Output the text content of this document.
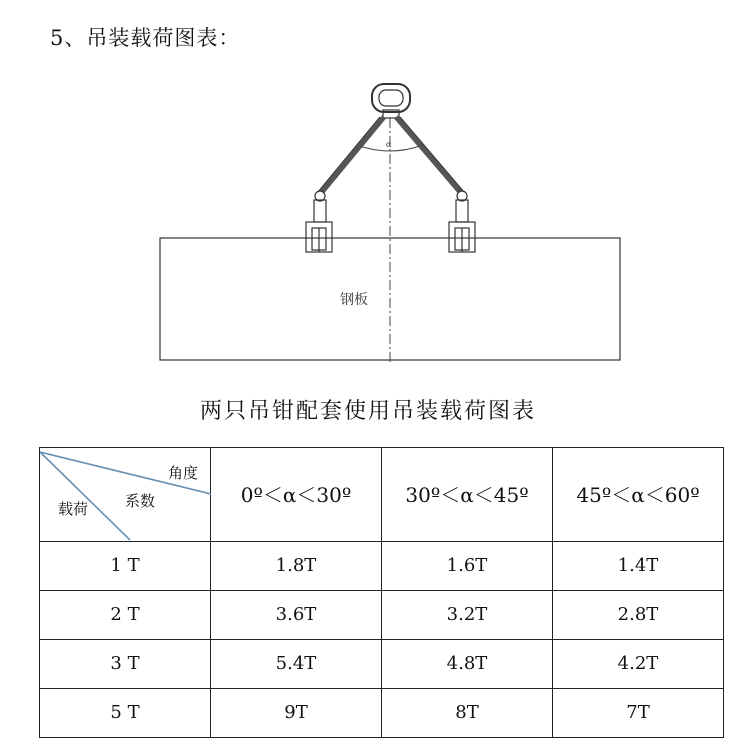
5、吊装载荷图表：
α
钢板
两只吊钳配套使用吊装载荷图表
角度
系数
载荷	0º＜α＜30º	30º＜α＜45º	45º＜α＜60º
1 T	1.8T	1.6T	1.4T
2 T	3.6T	3.2T	2.8T
3 T	5.4T	4.8T	4.2T
5 T	9T	8T	7T
